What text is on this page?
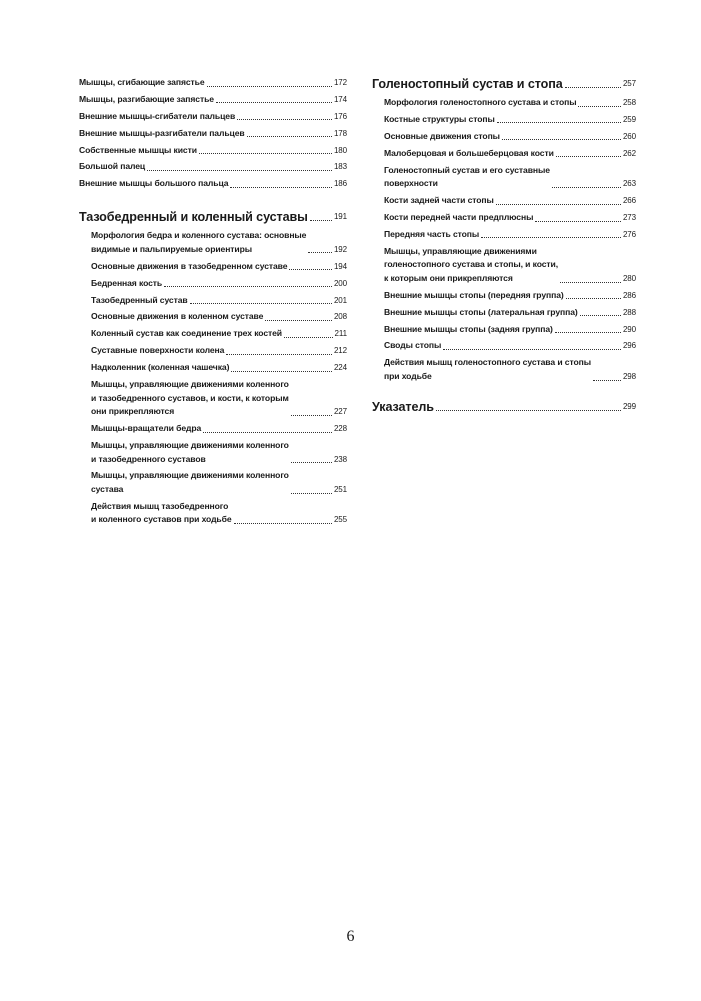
Мышцы, сгибающие запястье	172
Мышцы, разгибающие запястье	174
Внешние мышцы-сгибатели пальцев	176
Внешние мышцы-разгибатели пальцев	178
Собственные мышцы кисти	180
Большой палец	183
Внешние мышцы большого пальца	186
Тазобедренный и коленный суставы	191
Морфология бедра и коленного сустава: основные
видимые и пальпируемые ориентиры	192
Основные движения в тазобедренном суставе	194
Бедренная кость	200
Тазобедренный сустав	201
Основные движения в коленном суставе	208
Коленный сустав как соединение трех костей	211
Суставные поверхности колена	212
Надколенник (коленная чашечка)	224
Мышцы, управляющие движениями коленного
и тазобедренного суставов, и кости, к которым
они прикрепляются	227
Мышцы-вращатели бедра	228
Мышцы, управляющие движениями коленного
и тазобедренного суставов	238
Мышцы, управляющие движениями коленного
сустава	251
Действия мышц тазобедренного
и коленного суставов при ходьбе	255
Голеностопный сустав и стопа	257
Морфология голеностопного сустава и стопы	258
Костные структуры стопы	259
Основные движения стопы	260
Малоберцовая и большеберцовая кости	262
Голеностопный сустав и его суставные
поверхности	263
Кости задней части стопы	266
Кости передней части предплюсны	273
Передняя часть стопы	276
Мышцы, управляющие движениями
голеностопного сустава и стопы, и кости,
к которым они прикрепляются	280
Внешние мышцы стопы (передняя группа)	286
Внешние мышцы стопы (латеральная группа)	288
Внешние мышцы стопы (задняя группа)	290
Своды стопы	296
Действия мышц голеностопного сустава и стопы
при ходьбе	298
Указатель	299
6
